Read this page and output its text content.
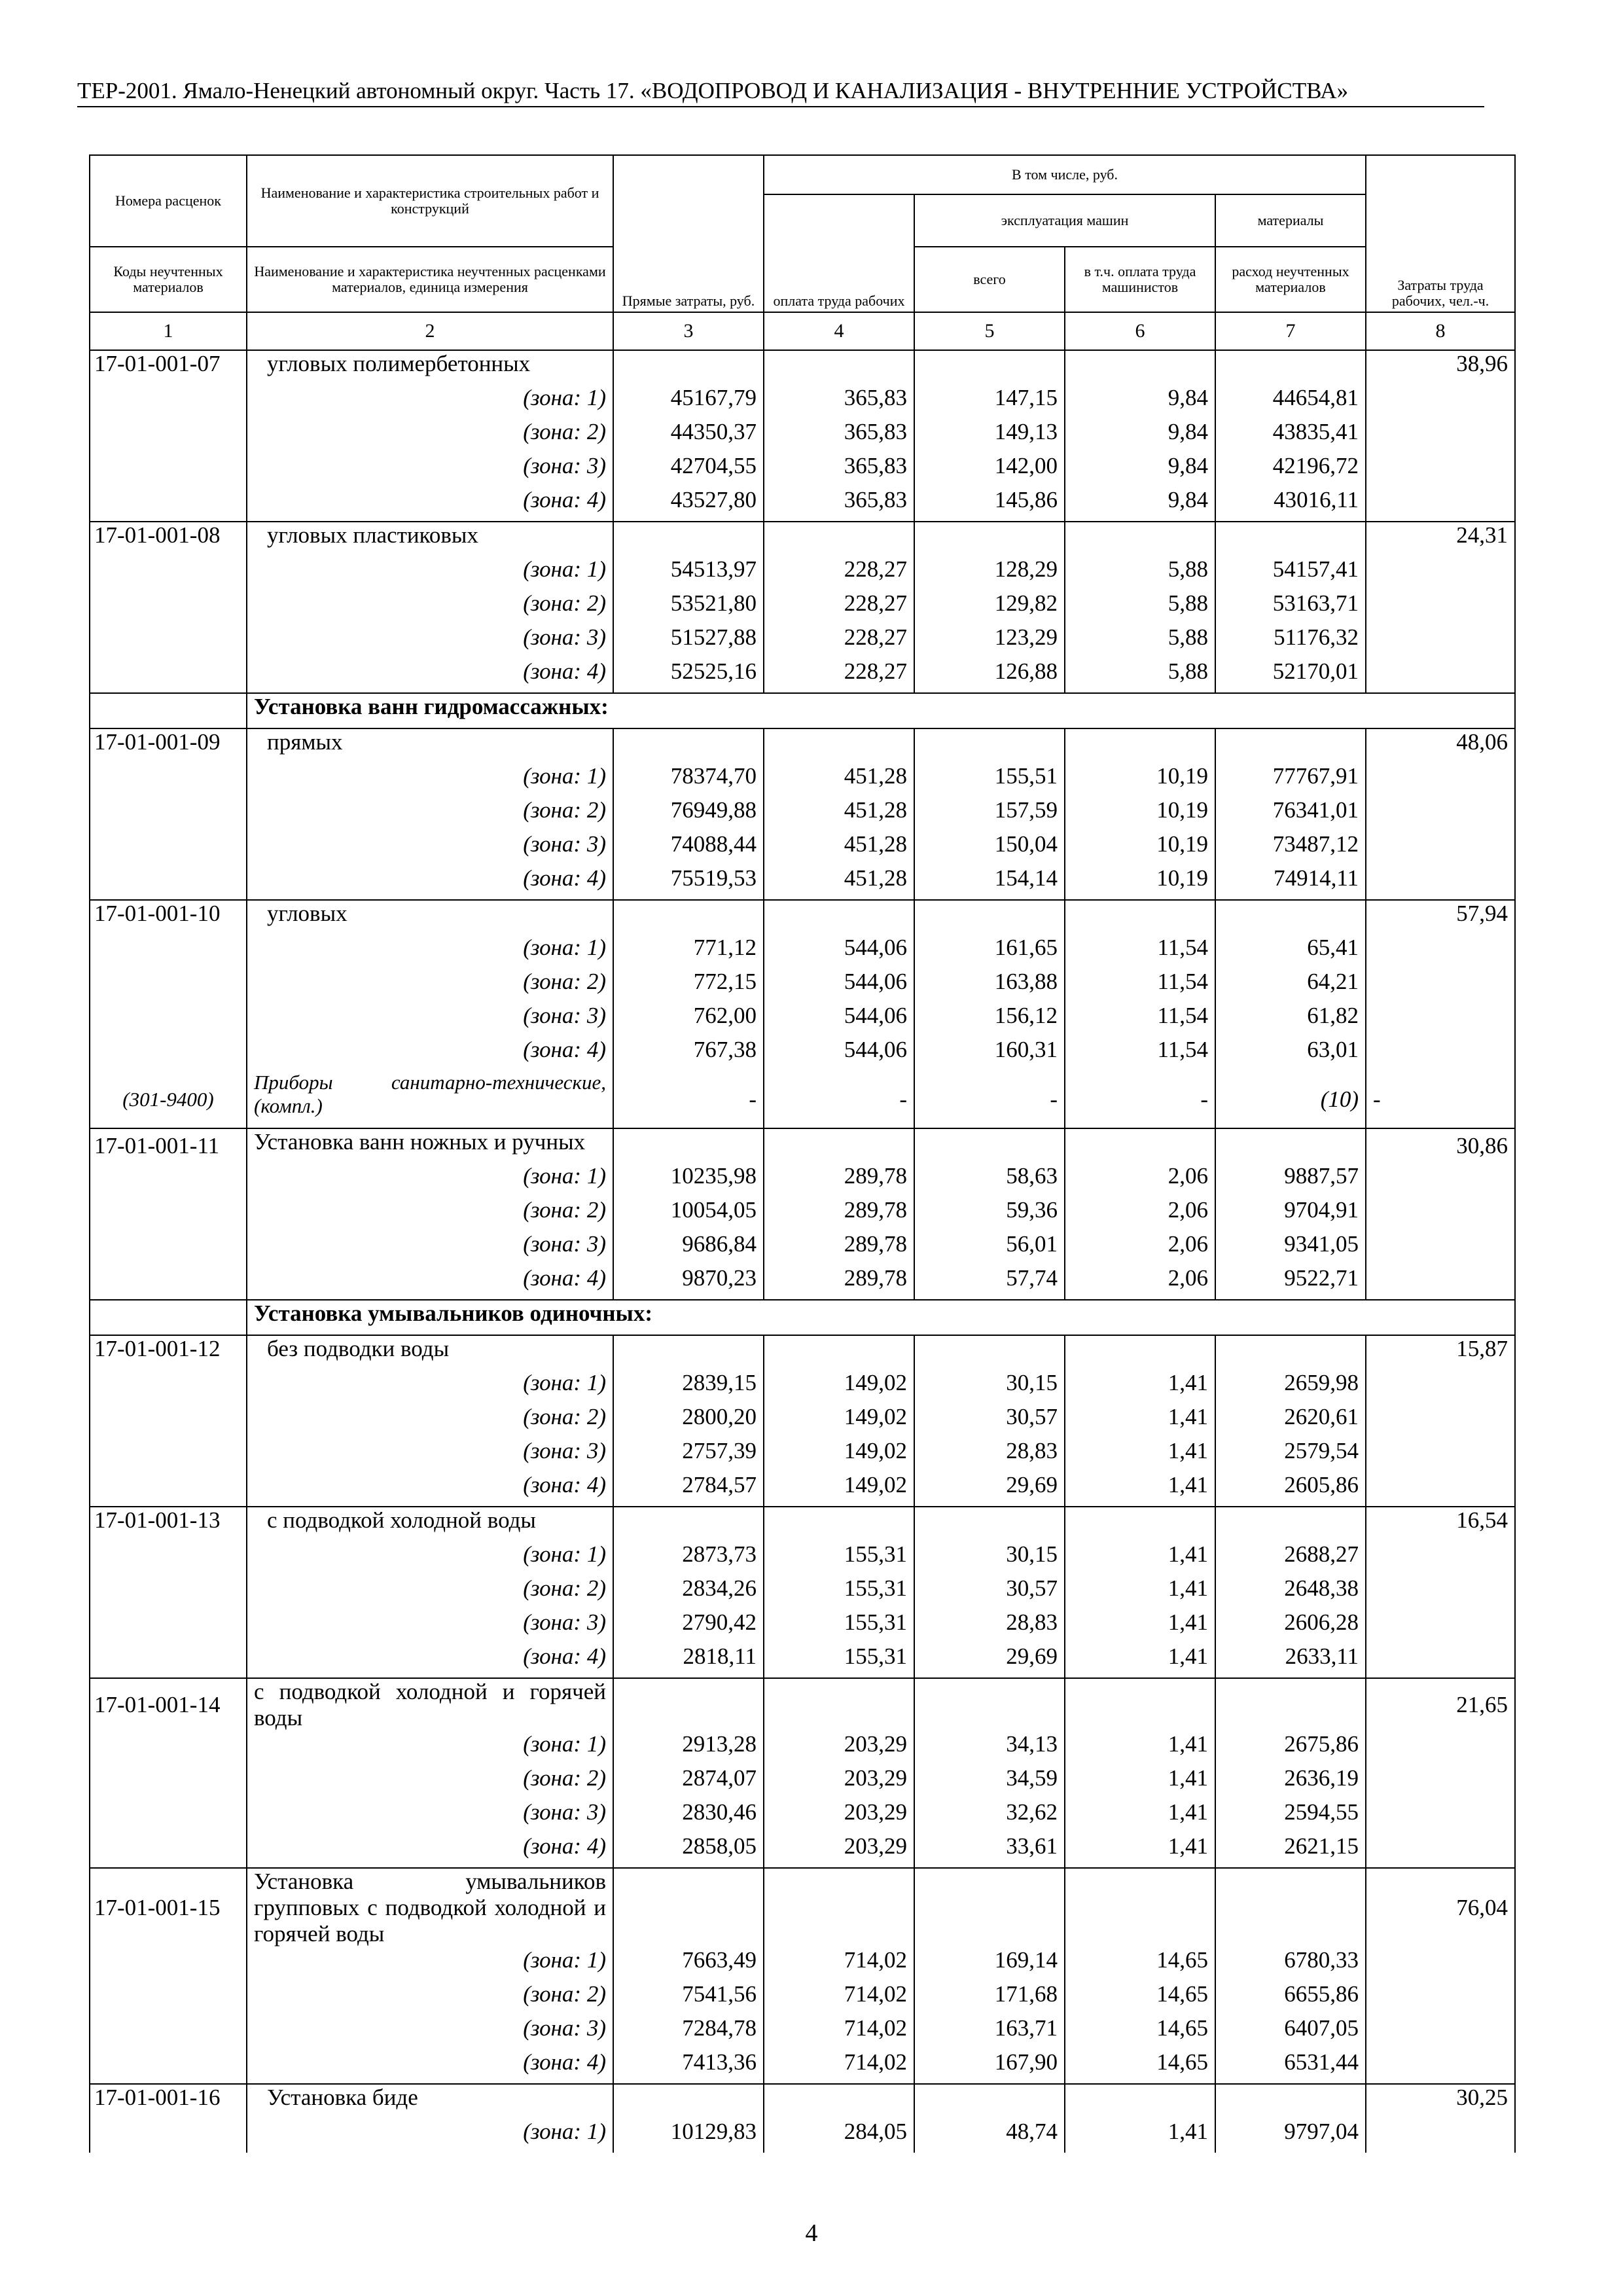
ТЕР-2001. Ямало-Ненецкий автономный округ. Часть 17. «ВОДОПРОВОД И КАНАЛИЗАЦИЯ - ВНУТРЕННИЕ УСТРОЙСТВА»
Номера расценок	Наименование и характеристика строительных работ и конструкций	Прямые затраты, руб.	В том числе, руб.				Затраты труда рабочих, чел.-ч.
			оплата труда рабочих	эксплуатация машин		материалы	
Коды неучтенных материалов	Наименование и характеристика неучтенных расценками материалов, единица измерения			всего	в т.ч. оплата труда машинистов	расход неучтенных материалов	
1	2	3	4	5	6	7	8
17-01-001-07	угловых полимербетонных						38,96
	(зона: 1)	45167,79	365,83	147,15	9,84	44654,81	
	(зона: 2)	44350,37	365,83	149,13	9,84	43835,41	
	(зона: 3)	42704,55	365,83	142,00	9,84	42196,72	
	(зона: 4)	43527,80	365,83	145,86	9,84	43016,11	
17-01-001-08	угловых пластиковых						24,31
	(зона: 1)	54513,97	228,27	128,29	5,88	54157,41	
	(зона: 2)	53521,80	228,27	129,82	5,88	53163,71	
	(зона: 3)	51527,88	228,27	123,29	5,88	51176,32	
	(зона: 4)	52525,16	228,27	126,88	5,88	52170,01	
	Установка ванн гидромассажных:						
17-01-001-09	прямых						48,06
	(зона: 1)	78374,70	451,28	155,51	10,19	77767,91	
	(зона: 2)	76949,88	451,28	157,59	10,19	76341,01	
	(зона: 3)	74088,44	451,28	150,04	10,19	73487,12	
	(зона: 4)	75519,53	451,28	154,14	10,19	74914,11	
17-01-001-10	угловых						57,94
	(зона: 1)	771,12	544,06	161,65	11,54	65,41	
	(зона: 2)	772,15	544,06	163,88	11,54	64,21	
	(зона: 3)	762,00	544,06	156,12	11,54	61,82	
	(зона: 4)	767,38	544,06	160,31	11,54	63,01	
(301-9400)	Приборы санитарно-технические, (компл.)	-	-	-	-	(10)	-
17-01-001-11	Установка ванн ножных и ручных						30,86
	(зона: 1)	10235,98	289,78	58,63	2,06	9887,57	
	(зона: 2)	10054,05	289,78	59,36	2,06	9704,91	
	(зона: 3)	9686,84	289,78	56,01	2,06	9341,05	
	(зона: 4)	9870,23	289,78	57,74	2,06	9522,71	
	Установка умывальников одиночных:						
17-01-001-12	без подводки воды						15,87
	(зона: 1)	2839,15	149,02	30,15	1,41	2659,98	
	(зона: 2)	2800,20	149,02	30,57	1,41	2620,61	
	(зона: 3)	2757,39	149,02	28,83	1,41	2579,54	
	(зона: 4)	2784,57	149,02	29,69	1,41	2605,86	
17-01-001-13	с подводкой холодной воды						16,54
	(зона: 1)	2873,73	155,31	30,15	1,41	2688,27	
	(зона: 2)	2834,26	155,31	30,57	1,41	2648,38	
	(зона: 3)	2790,42	155,31	28,83	1,41	2606,28	
	(зона: 4)	2818,11	155,31	29,69	1,41	2633,11	
17-01-001-14	с подводкой холодной и горячей воды						21,65
	(зона: 1)	2913,28	203,29	34,13	1,41	2675,86	
	(зона: 2)	2874,07	203,29	34,59	1,41	2636,19	
	(зона: 3)	2830,46	203,29	32,62	1,41	2594,55	
	(зона: 4)	2858,05	203,29	33,61	1,41	2621,15	
17-01-001-15	Установка умывальников групповых с подводкой холодной и горячей воды						76,04
	(зона: 1)	7663,49	714,02	169,14	14,65	6780,33	
	(зона: 2)	7541,56	714,02	171,68	14,65	6655,86	
	(зона: 3)	7284,78	714,02	163,71	14,65	6407,05	
	(зона: 4)	7413,36	714,02	167,90	14,65	6531,44	
17-01-001-16	Установка биде						30,25
	(зона: 1)	10129,83	284,05	48,74	1,41	9797,04	
4
